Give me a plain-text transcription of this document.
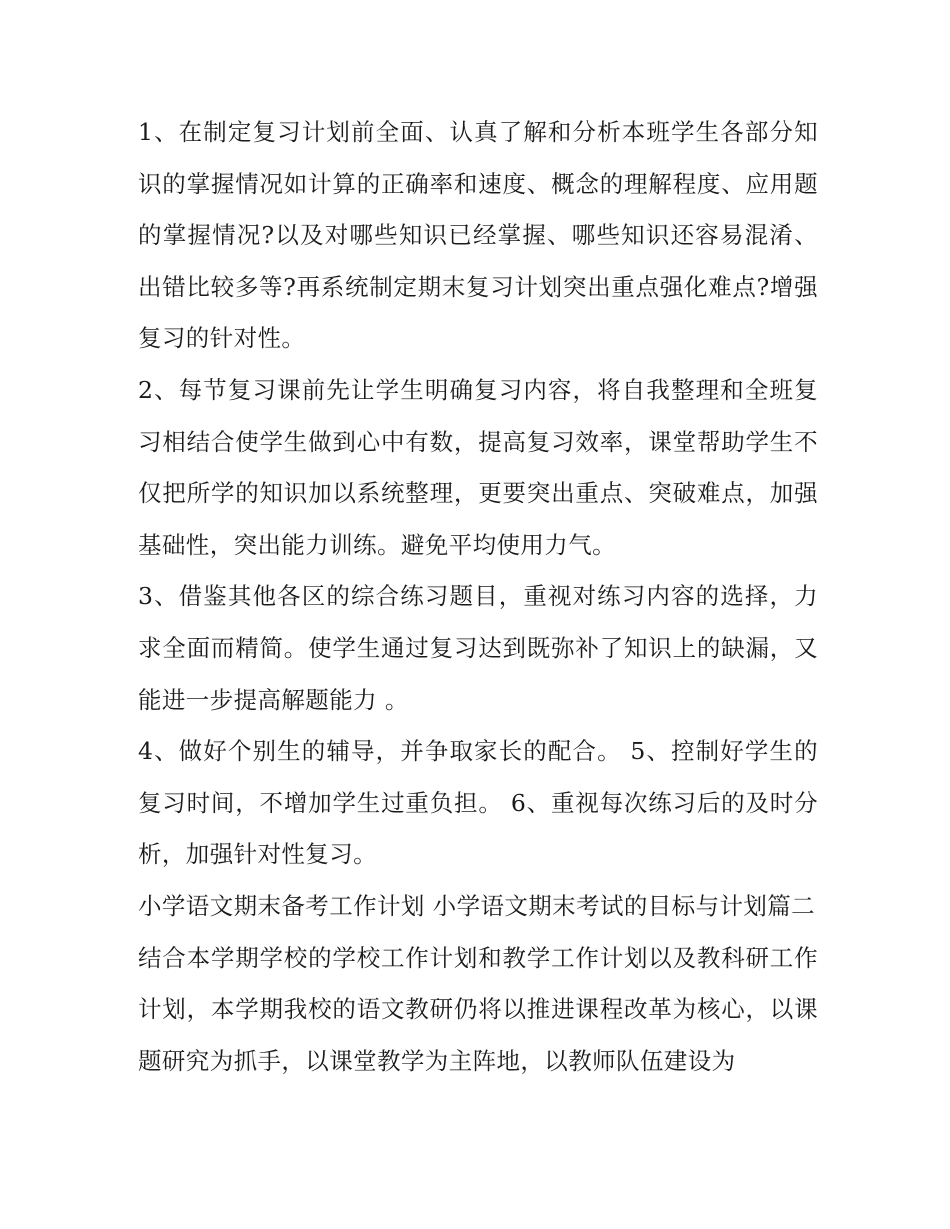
1、在制定复习计划前全面、认真了解和分析本班学生各部分知识的掌握情况如计算的正确率和速度、概念的理解程度、应用题的掌握情况?以及对哪些知识已经掌握、哪些知识还容易混淆、出错比较多等?再系统制定期末复习计划突出重点强化难点?增强复习的针对性。

2、每节复习课前先让学生明确复习内容，将自我整理和全班复习相结合使学生做到心中有数，提高复习效率，课堂帮助学生不仅把所学的知识加以系统整理，更要突出重点、突破难点，加强基础性，突出能力训练。避免平均使用力气。

3、借鉴其他各区的综合练习题目，重视对练习内容的选择，力求全面而精简。使学生通过复习达到既弥补了知识上的缺漏，又能进一步提高解题能力 。

4、做好个别生的辅导，并争取家长的配合。 5、控制好学生的复习时间，不增加学生过重负担。 6、重视每次练习后的及时分析，加强针对性复习。

小学语文期末备考工作计划 小学语文期末考试的目标与计划篇二

结合本学期学校的学校工作计划和教学工作计划以及教科研工作计划，本学期我校的语文教研仍将以推进课程改革为核心，以课题研究为抓手，以课堂教学为主阵地，以教师队伍建设为
